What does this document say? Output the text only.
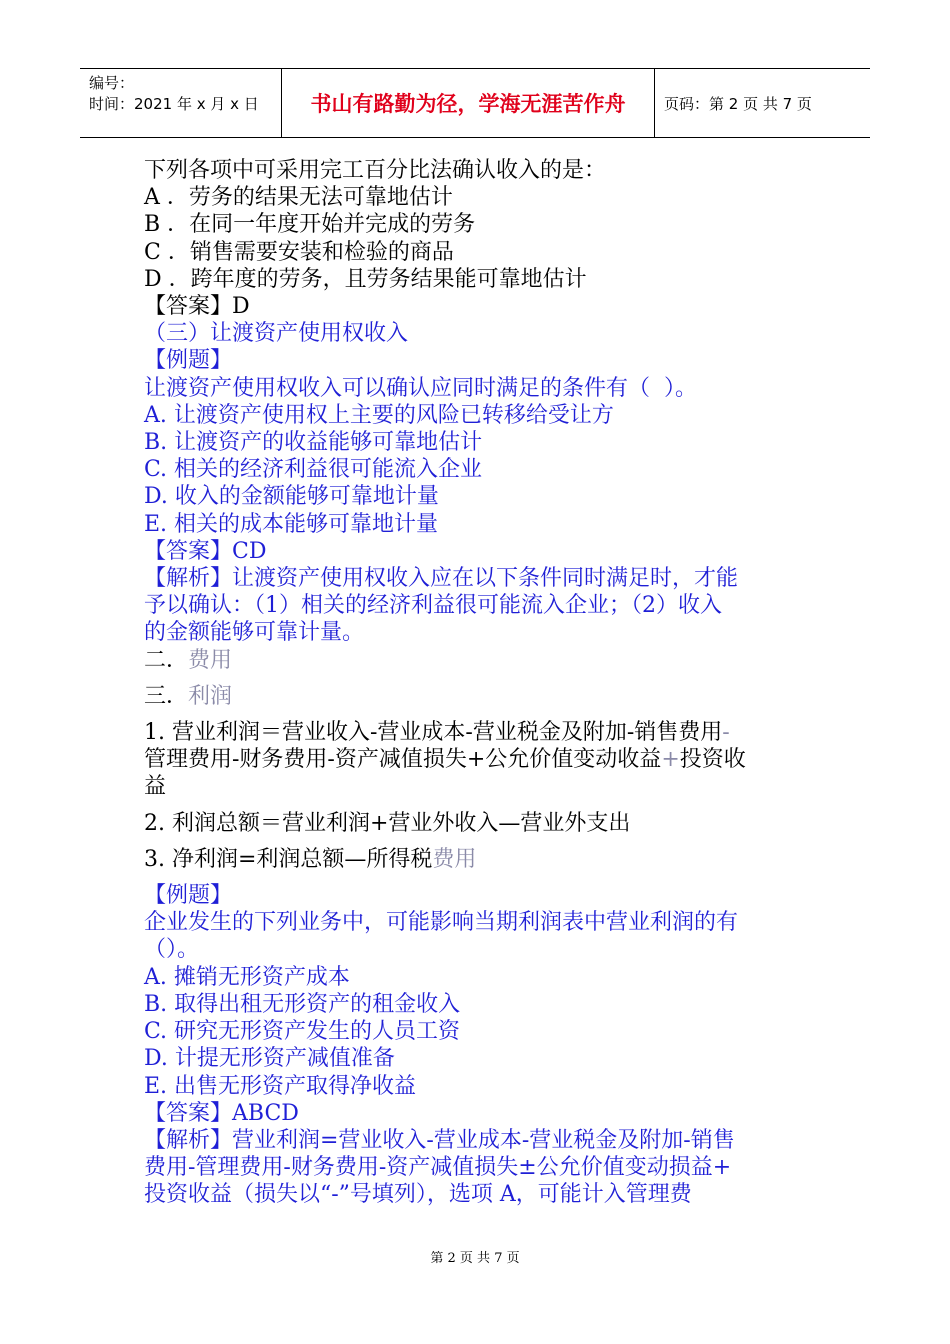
编号：
时间：2021 年 x 月 x 日	书山有路勤为径，学海无涯苦作舟	页码：第 2 页 共 7 页
下列各项中可采用完工百分比法确认收入的是：
A ．劳务的结果无法可靠地估计
B ．在同一年度开始并完成的劳务
C ．销售需要安装和检验的商品
D ．跨年度的劳务，且劳务结果能可靠地估计
【答案】D
（三）让渡资产使用权收入
【例题】
让渡资产使用权收入可以确认应同时满足的条件有（  ）。
A. 让渡资产使用权上主要的风险已转移给受让方
B. 让渡资产的收益能够可靠地估计
C. 相关的经济利益很可能流入企业
D. 收入的金额能够可靠地计量
E. 相关的成本能够可靠地计量
【答案】CD
【解析】让渡资产使用权收入应在以下条件同时满足时，才能
予以确认：（1）相关的经济利益很可能流入企业；（2）收入
的金额能够可靠计量。
二．费用
三．利润
1. 营业利润＝营业收入-营业成本-营业税金及附加-销售费用-
管理费用-财务费用-资产减值损失+公允价值变动收益+投资收
益
2. 利润总额＝营业利润+营业外收入—营业外支出
3. 净利润=利润总额—所得税费用
【例题】
企业发生的下列业务中，可能影响当期利润表中营业利润的有
（）。
A. 摊销无形资产成本
B. 取得出租无形资产的租金收入
C. 研究无形资产发生的人员工资
D. 计提无形资产减值准备
E. 出售无形资产取得净收益
【答案】ABCD
【解析】营业利润=营业收入-营业成本-营业税金及附加-销售
费用-管理费用-财务费用-资产减值损失±公允价值变动损益+
投资收益（损失以“-”号填列），选项 A，可能计入管理费
第 2 页 共 7 页
